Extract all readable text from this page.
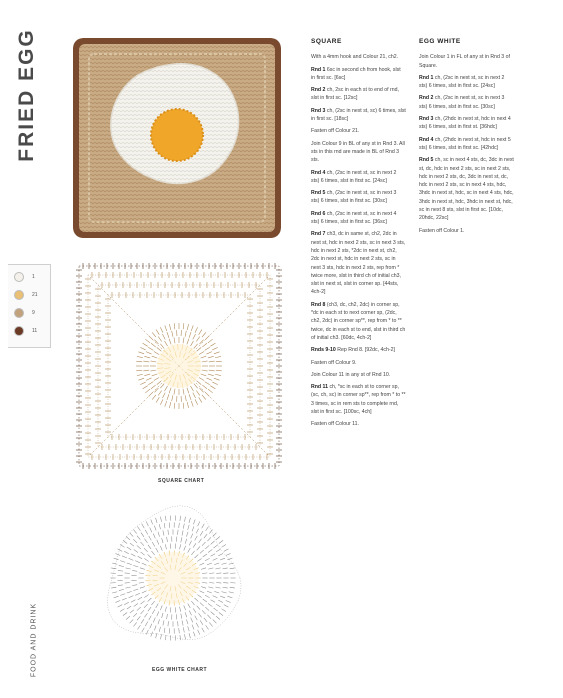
FRIED EGG
1
21
9
11
SQUARE CHART
EGG WHITE CHART
FOOD AND DRINK
SQUARE

With a 4mm hook and Colour 21, ch2.

Rnd 1 6sc in second ch from hook, slst in first sc. [6sc]

Rnd 2 ch, 2sc in each st to end of rnd, slst in first sc. [12sc]

Rnd 3 ch, (2sc in next st, sc) 6 times, slst in first sc. [18sc]

Fasten off Colour 21.

Join Colour 9 in BL of any st in Rnd 3. All sts in this rnd are made in BL of Rnd 3 sts.

Rnd 4 ch, (2sc in next st, sc in next 2 sts) 6 times, slst in first sc. [24sc]

Rnd 5 ch, (2sc in next st, sc in next 3 sts) 6 times, slst in first sc. [30sc]

Rnd 6 ch, (2sc in next st, sc in next 4 sts) 6 times, slst in first sc. [36sc]

Rnd 7 ch3, dc in same st, ch2, 2dc in next st, hdc in next 2 sts, sc in next 3 sts, hdc in next 2 sts, *2dc in next st, ch2, 2dc in next st, hdc in next 2 sts, sc in next 3 sts, hdc in next 2 sts, rep from * twice more, slst in third ch of initial ch3, slst in next st, slst in corner sp. [44sts, 4ch-2]

Rnd 8 (ch3, dc, ch2, 2dc) in corner sp, *dc in each st to next corner sp, (2dc, ch2, 2dc) in corner sp**, rep from * to ** twice, dc in each st to end, slst in third ch of initial ch3. [60dc, 4ch-2]

Rnds 9-10 Rep Rnd 8. [92dc, 4ch-2]

Fasten off Colour 9.

Join Colour 11 in any st of Rnd 10.

Rnd 11 ch, *sc in each st to corner sp, (sc, ch, sc) in corner sp**, rep from * to ** 3 times, sc in rem sts to complete rnd, slst in first sc. [100sc, 4ch]

Fasten off Colour 11.

EGG WHITE

Join Colour 1 in FL of any st in Rnd 3 of Square.

Rnd 1 ch, (2sc in next st, sc in next 2 sts) 6 times, slst in first sc. [24sc]

Rnd 2 ch, (2sc in next st, sc in next 3 sts) 6 times, slst in first sc. [30sc]

Rnd 3 ch, (2hdc in next st, hdc in next 4 sts) 6 times, slst in first st. [36hdc]

Rnd 4 ch, (2hdc in next st, hdc in next 5 sts) 6 times, slst in first sc. [42hdc]

Rnd 5 ch, sc in next 4 sts, dc, 3dc in next st, dc, hdc in next 2 sts, sc in next 2 sts, hdc in next 2 sts, dc, 3dc in next st, dc, hdc in next 2 sts, sc in next 4 sts, hdc, 3hdc in next st, hdc, sc in next 4 sts, hdc, 3hdc in next st, hdc, 3hdc in next st, hdc, sc in next 8 sts, slst in first sc. [10dc, 20hdc, 22sc]

Fasten off Colour 1.
